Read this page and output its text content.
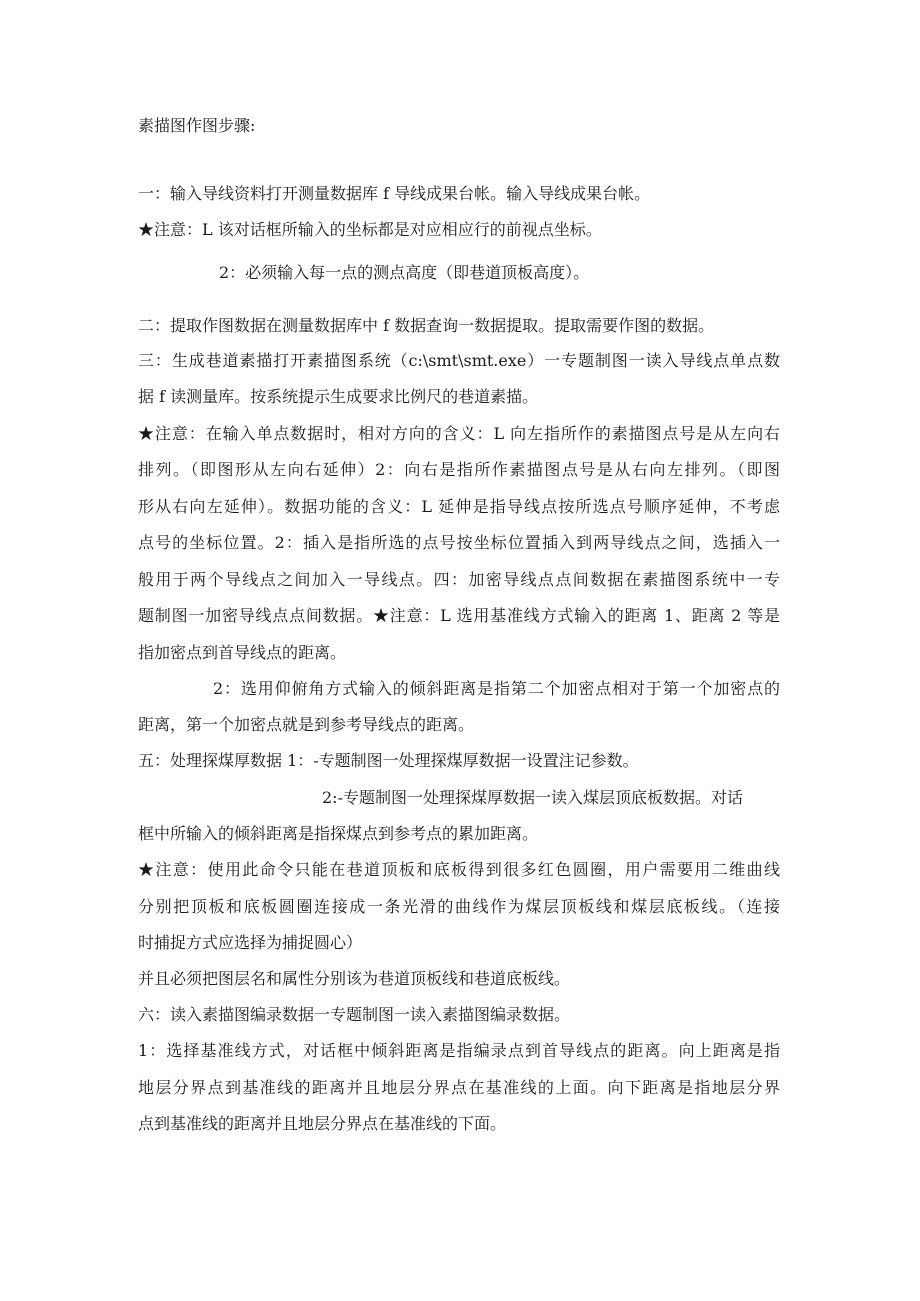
素描图作图步骤:
一：输入导线资料打开测量数据库 f 导线成果台帐。输入导线成果台帐。
★注意：L 该对话框所输入的坐标都是对应相应行的前视点坐标。
2：必须输入每一点的测点高度（即巷道顶板高度）。
二：提取作图数据在测量数据库中 f 数据查询一数据提取。提取需要作图的数据。
三：生成巷道素描打开素描图系统（c:\smt\smt.exe）一专题制图一读入导线点单点数
据 f 读测量库。按系统提示生成要求比例尺的巷道素描。
★注意：在输入单点数据时，相对方向的含义：L 向左指所作的素描图点号是从左向右
排列。（即图形从左向右延伸）2：向右是指所作素描图点号是从右向左排列。（即图
形从右向左延伸）。数据功能的含义：L 延伸是指导线点按所选点号顺序延伸，不考虑
点号的坐标位置。2：插入是指所选的点号按坐标位置插入到两导线点之间，选插入一
般用于两个导线点之间加入一导线点。四：加密导线点点间数据在素描图系统中一专
题制图一加密导线点点间数据。★注意：L 选用基准线方式输入的距离 1、距离 2 等是
指加密点到首导线点的距离。
2：选用仰俯角方式输入的倾斜距离是指第二个加密点相对于第一个加密点的
距离，第一个加密点就是到参考导线点的距离。
五：处理探煤厚数据 1：-专题制图一处理探煤厚数据一设置注记参数。
2:-专题制图一处理探煤厚数据一读入煤层顶底板数据。对话
框中所输入的倾斜距离是指探煤点到参考点的累加距离。
★注意：使用此命令只能在巷道顶板和底板得到很多红色圆圈，用户需要用二维曲线
分别把顶板和底板圆圈连接成一条光滑的曲线作为煤层顶板线和煤层底板线。（连接
时捕捉方式应选择为捕捉圆心）
并且必须把图层名和属性分别该为巷道顶板线和巷道底板线。
六：读入素描图编录数据一专题制图一读入素描图编录数据。
1：选择基准线方式，对话框中倾斜距离是指编录点到首导线点的距离。向上距离是指
地层分界点到基准线的距离并且地层分界点在基准线的上面。向下距离是指地层分界
点到基准线的距离并且地层分界点在基准线的下面。
